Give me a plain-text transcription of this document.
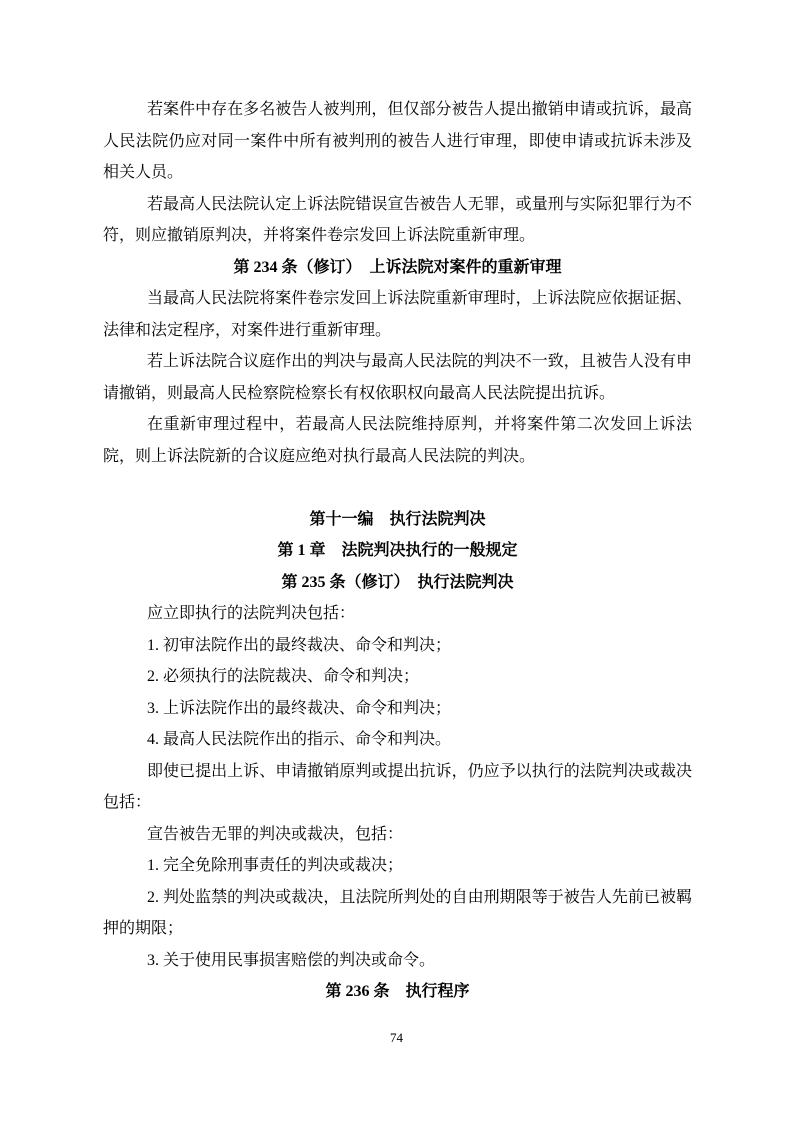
若案件中存在多名被告人被判刑，但仅部分被告人提出撤销申请或抗诉，最高人民法院仍应对同一案件中所有被判刑的被告人进行审理，即使申请或抗诉未涉及相关人员。

若最高人民法院认定上诉法院错误宣告被告人无罪，或量刑与实际犯罪行为不符，则应撤销原判决，并将案件卷宗发回上诉法院重新审理。

第 234 条（修订）　上诉法院对案件的重新审理

当最高人民法院将案件卷宗发回上诉法院重新审理时，上诉法院应依据证据、法律和法定程序，对案件进行重新审理。

若上诉法院合议庭作出的判决与最高人民法院的判决不一致，且被告人没有申请撤销，则最高人民检察院检察长有权依职权向最高人民法院提出抗诉。

在重新审理过程中，若最高人民法院维持原判，并将案件第二次发回上诉法院，则上诉法院新的合议庭应绝对执行最高人民法院的判决。

第十一编　执行法院判决

第 1 章　法院判决执行的一般规定

第 235 条（修订）　执行法院判决

应立即执行的法院判决包括：

1. 初审法院作出的最终裁决、命令和判决；

2. 必须执行的法院裁决、命令和判决；

3. 上诉法院作出的最终裁决、命令和判决；

4. 最高人民法院作出的指示、命令和判决。

即使已提出上诉、申请撤销原判或提出抗诉，仍应予以执行的法院判决或裁决包括：

宣告被告无罪的判决或裁决，包括：

1. 完全免除刑事责任的判决或裁决；

2. 判处监禁的判决或裁决，且法院所判处的自由刑期限等于被告人先前已被羁押的期限；

3. 关于使用民事损害赔偿的判决或命令。

第 236 条　执行程序

74
